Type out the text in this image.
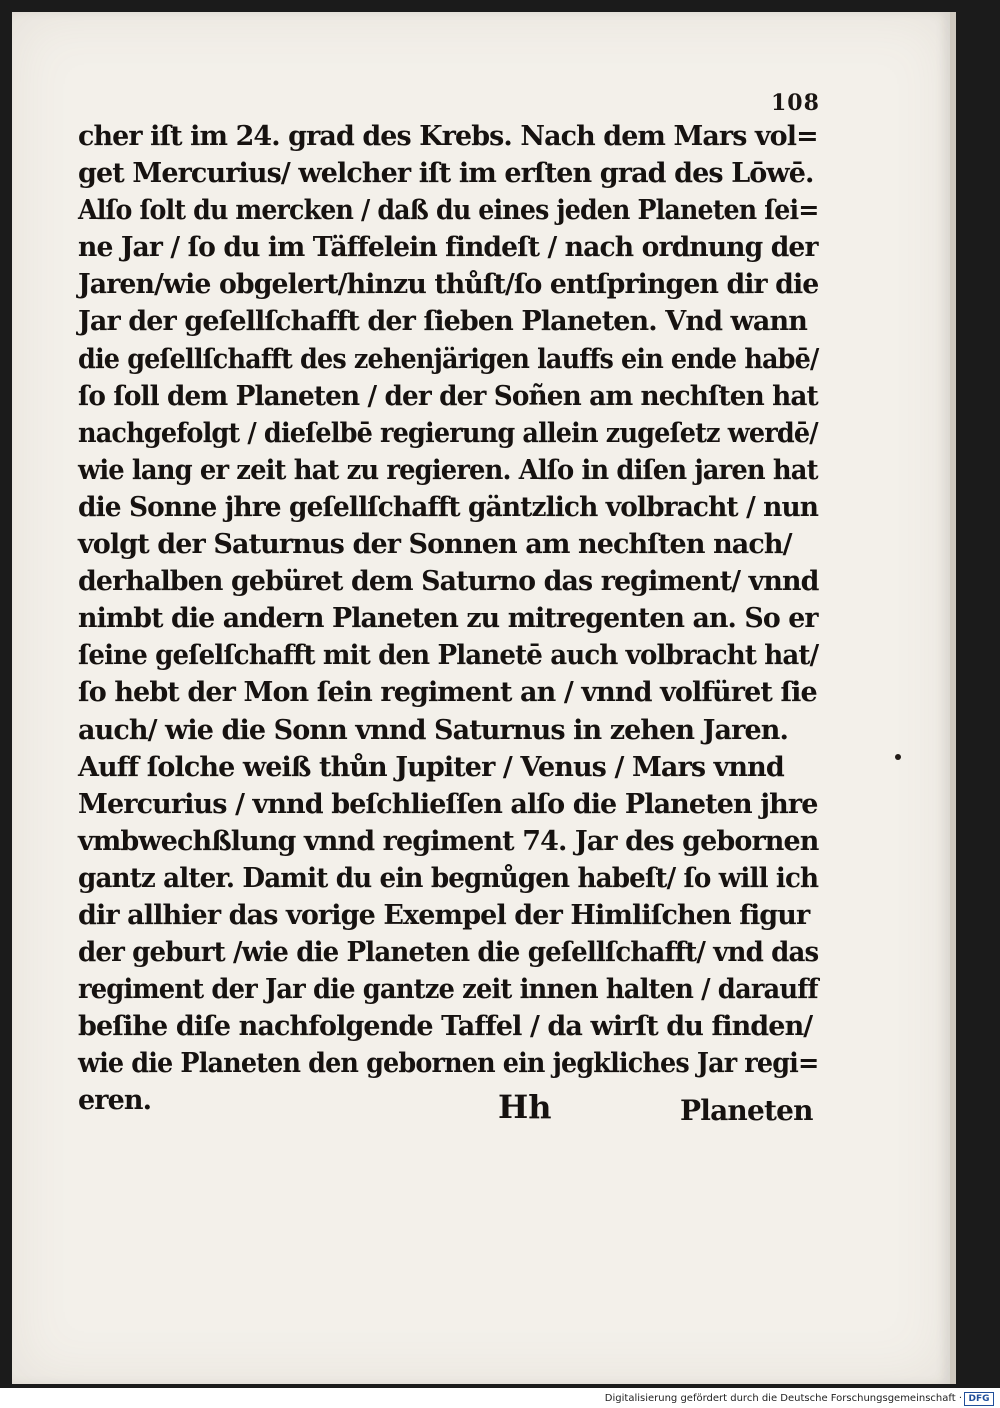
108
cher iſt im 24. grad des Krebs. Nach dem Mars vol=
get Mercurius/ welcher iſt im erſten grad des Lōwē.
Alſo ſolt du mercken / daß du eines jeden Planeten ſei=
ne Jar / ſo du im Täffelein findeſt / nach ordnung der
Jaren/wie obgelert/hinzu thůſt/ſo entſpringen dir die
Jar der geſellſchafft der ſieben Planeten. Vnd wann
die geſellſchafft des zehenjärigen lauffs ein ende habē/
ſo ſoll dem Planeten / der der Soñen am nechſten hat
nachgefolgt / dieſelbē regierung allein zugeſetz werdē/
wie lang er zeit hat zu regieren. Alſo in diſen jaren hat
die Sonne jhre geſellſchafft gäntzlich volbracht / nun
volgt der Saturnus der Sonnen am nechſten nach/
derhalben gebüret dem Saturno das regiment/ vnnd
nimbt die andern Planeten zu mitregenten an. So er
ſeine geſelſchafft mit den Planetē auch volbracht hat/
ſo hebt der Mon ſein regiment an / vnnd volfüret ſie
auch/ wie die Sonn vnnd Saturnus in zehen Jaren.
Auff ſolche weiß thůn Jupiter / Venus / Mars vnnd
Mercurius / vnnd beſchlieſſen alſo die Planeten jhre
vmbwechßlung vnnd regiment 74. Jar des gebornen
gantz alter. Damit du ein begnůgen habeſt/ ſo will ich
dir allhier das vorige Exempel der Himliſchen figur
der geburt /wie die Planeten die geſellſchafft/ vnd das
regiment der Jar die gantze zeit innen halten / darauff
beſihe diſe nachfolgende Taffel / da wirſt du finden/
wie die Planeten den gebornen ein jegkliches Jar regi=
eren.	Hh	Planeten
Digitalisierung gefördert durch die Deutsche Forschungsgemeinschaft · DFG
